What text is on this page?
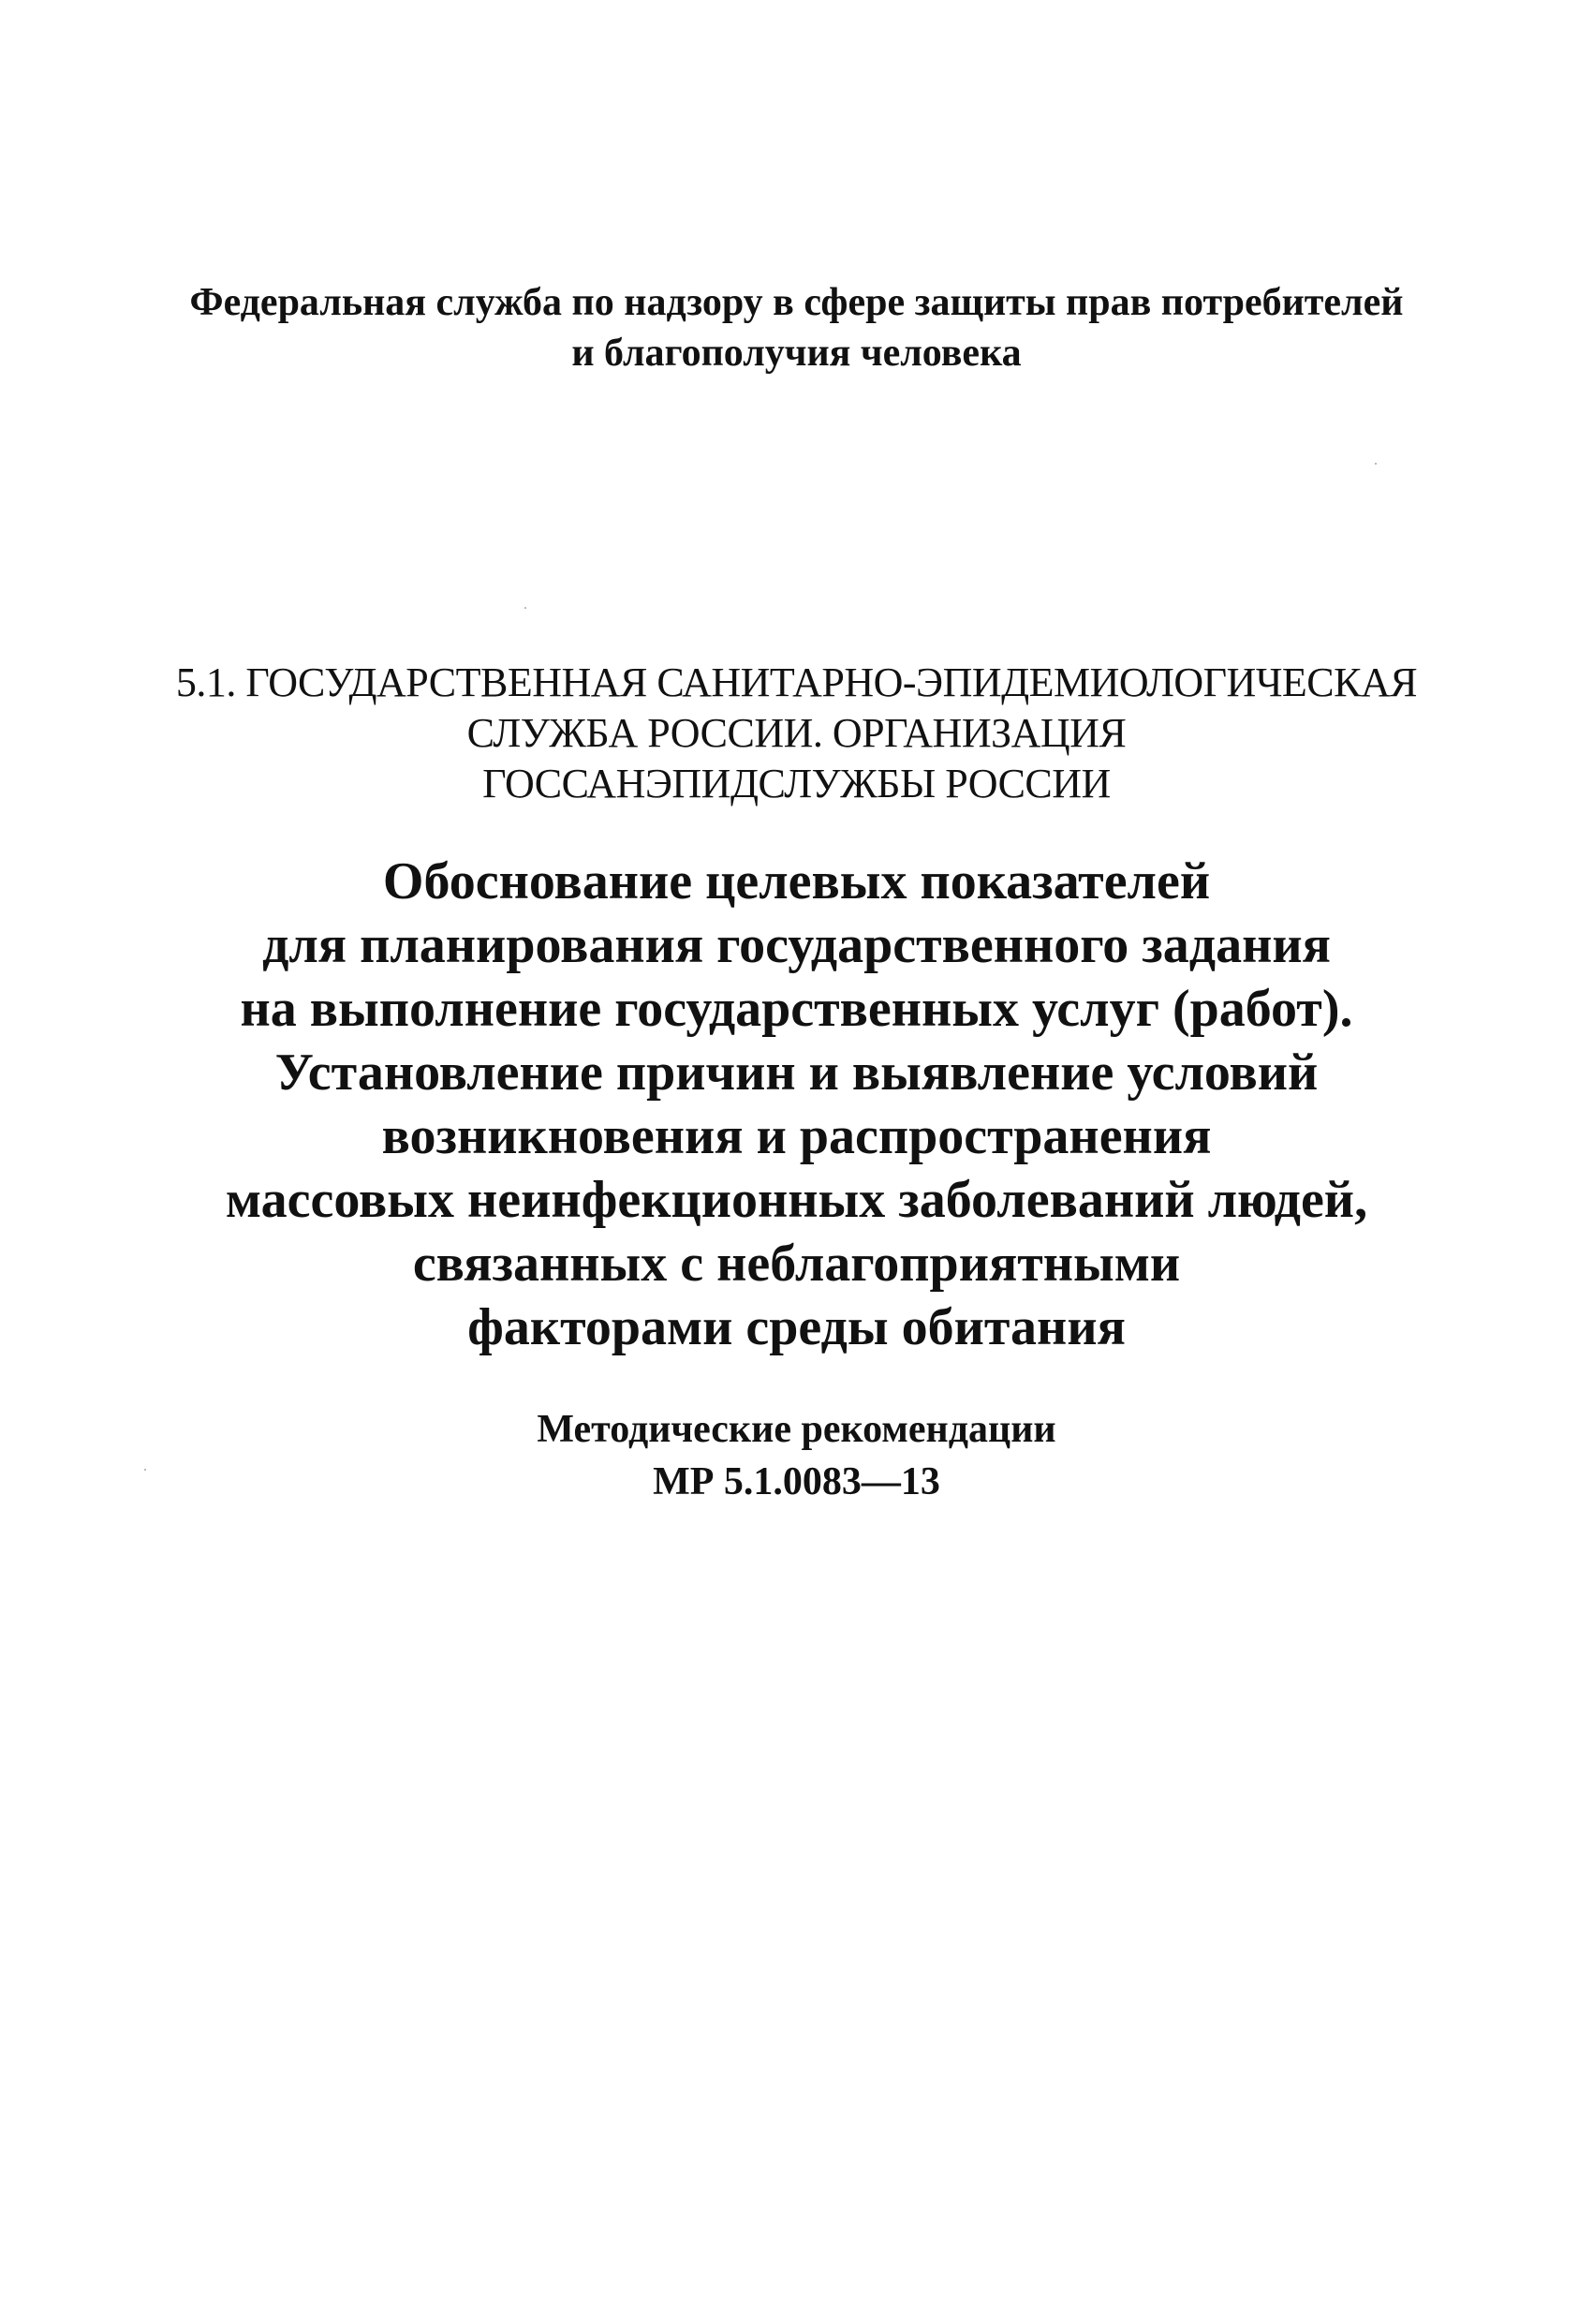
Федеральная служба по надзору в сфере защиты прав потребителей
и благополучия человека
5.1. ГОСУДАРСТВЕННАЯ САНИТАРНО-ЭПИДЕМИОЛОГИЧЕСКАЯ
СЛУЖБА РОССИИ. ОРГАНИЗАЦИЯ
ГОССАНЭПИДСЛУЖБЫ РОССИИ
Обоснование целевых показателей
для планирования государственного задания
на выполнение государственных услуг (работ).
Установление причин и выявление условий
возникновения и распространения
массовых неинфекционных заболеваний людей,
связанных с неблагоприятными
факторами среды обитания
Методические рекомендации
МР 5.1.0083—13
